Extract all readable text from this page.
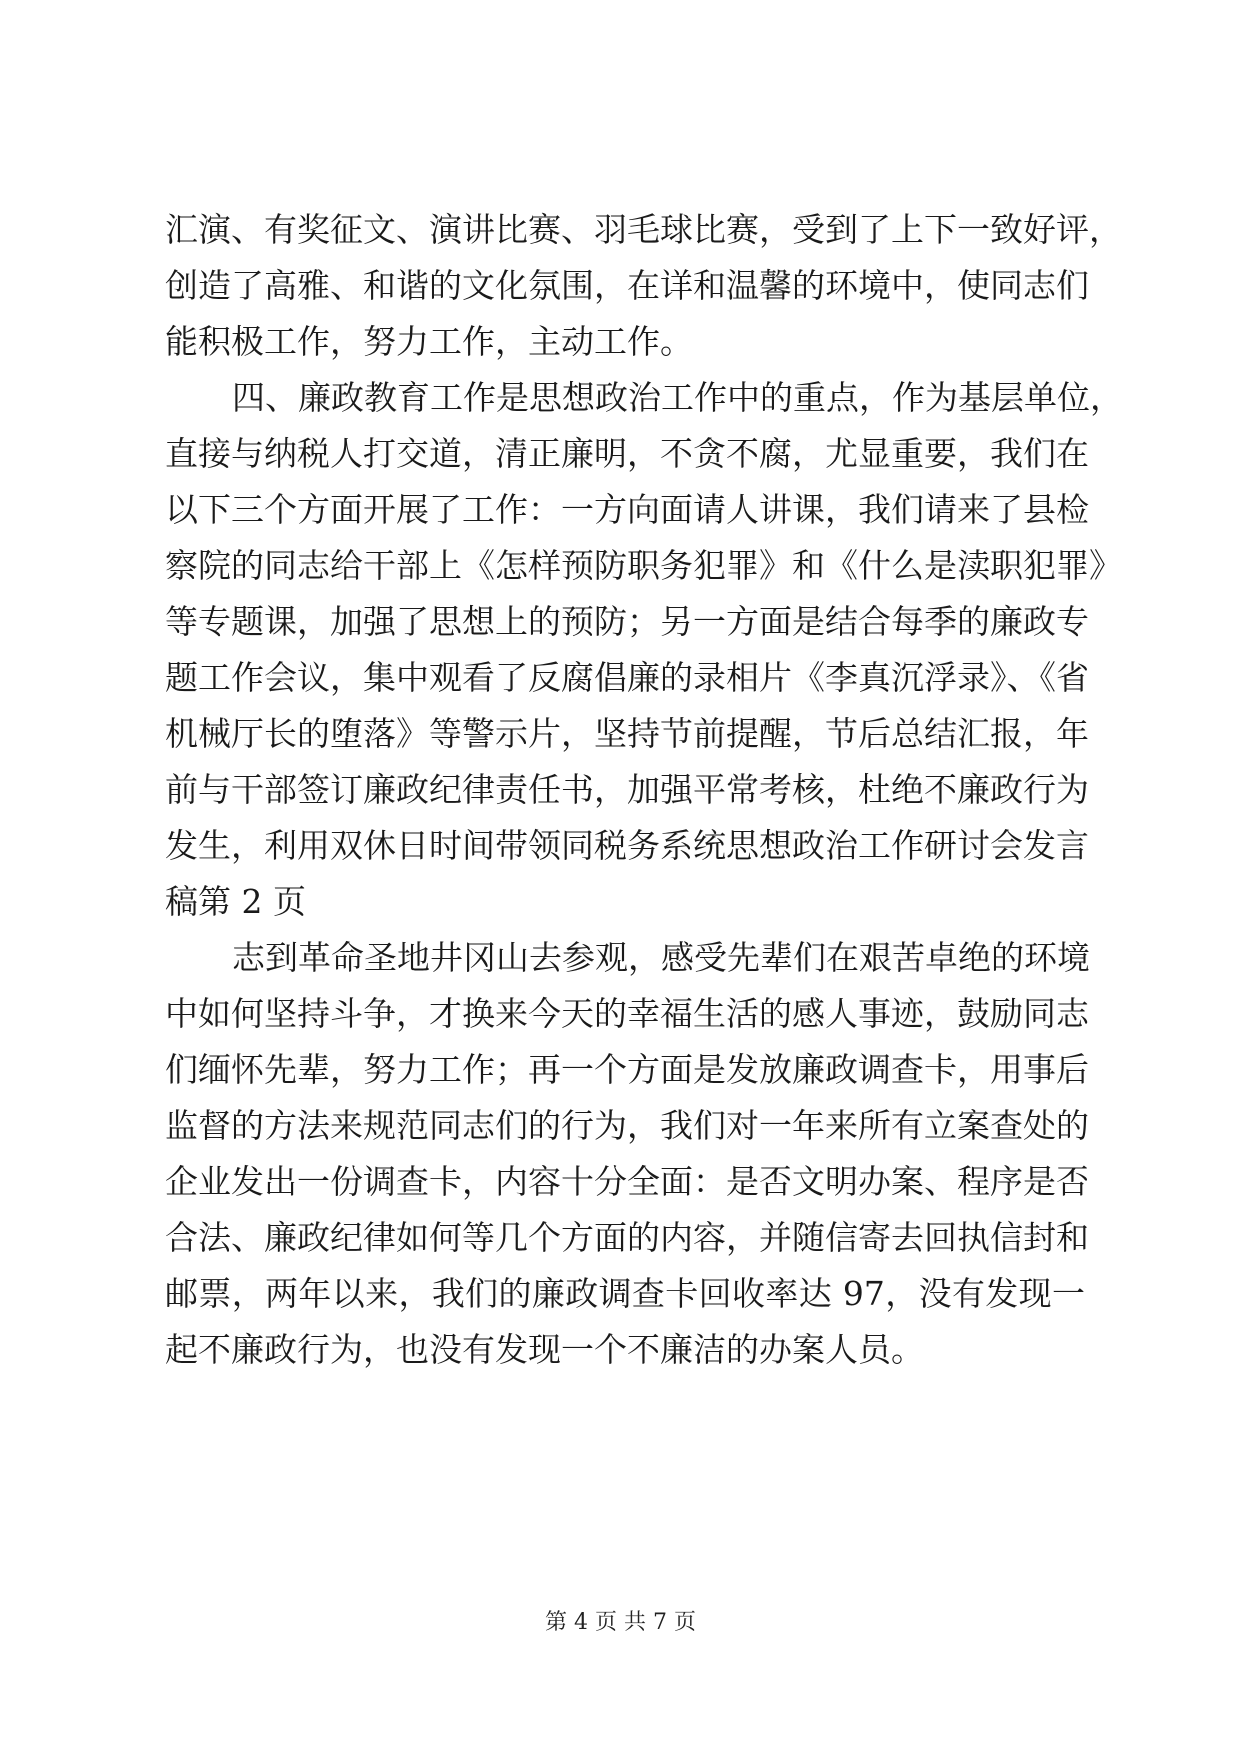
汇演、有奖征文、演讲比赛、羽毛球比赛，受到了上下一致好评，
创造了高雅、和谐的文化氛围，在详和温馨的环境中，使同志们
能积极工作，努力工作，主动工作。
四、廉政教育工作是思想政治工作中的重点，作为基层单位，
直接与纳税人打交道，清正廉明，不贪不腐，尤显重要，我们在
以下三个方面开展了工作：一方向面请人讲课，我们请来了县检
察院的同志给干部上《怎样预防职务犯罪》和《什么是渎职犯罪》
等专题课，加强了思想上的预防；另一方面是结合每季的廉政专
题工作会议，集中观看了反腐倡廉的录相片《李真沉浮录》、《省
机械厅长的堕落》等警示片，坚持节前提醒，节后总结汇报，年
前与干部签订廉政纪律责任书，加强平常考核，杜绝不廉政行为
发生，利用双休日时间带领同税务系统思想政治工作研讨会发言
稿第 2 页
志到革命圣地井冈山去参观，感受先辈们在艰苦卓绝的环境
中如何坚持斗争，才换来今天的幸福生活的感人事迹，鼓励同志
们缅怀先辈，努力工作；再一个方面是发放廉政调查卡，用事后
监督的方法来规范同志们的行为，我们对一年来所有立案查处的
企业发出一份调查卡，内容十分全面：是否文明办案、程序是否
合法、廉政纪律如何等几个方面的内容，并随信寄去回执信封和
邮票，两年以来，我们的廉政调查卡回收率达 97，没有发现一
起不廉政行为，也没有发现一个不廉洁的办案人员。
第 4 页 共 7 页
